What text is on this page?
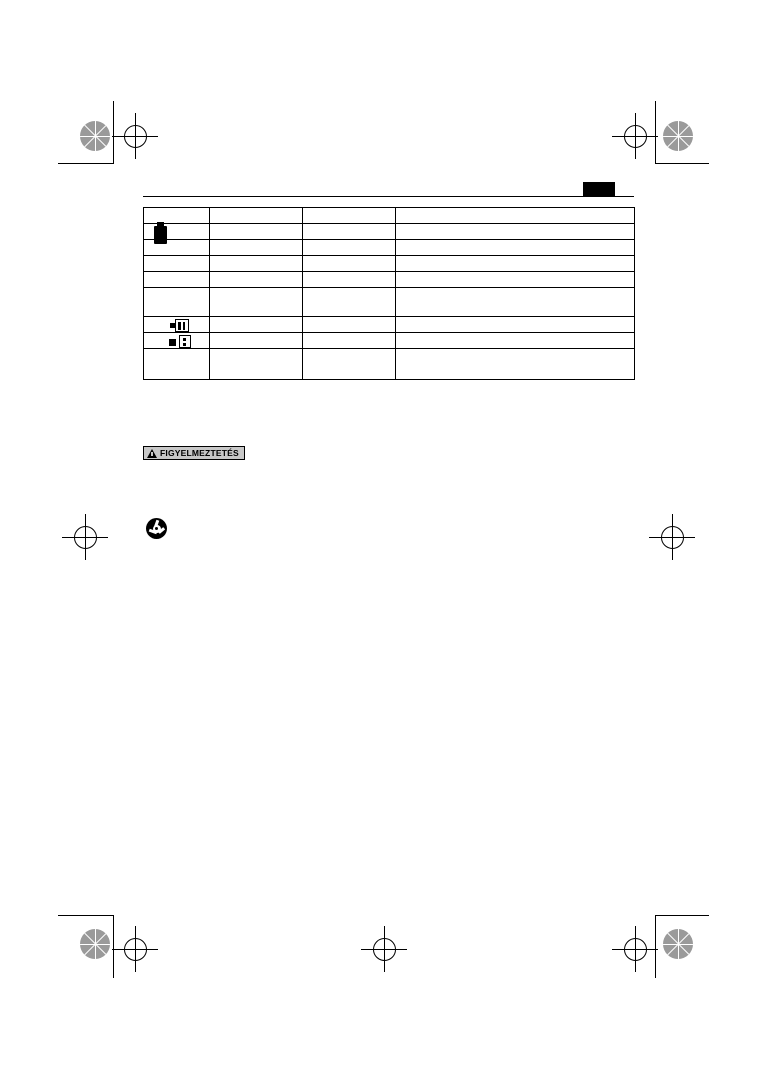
FIGYELMEZTETÉS
